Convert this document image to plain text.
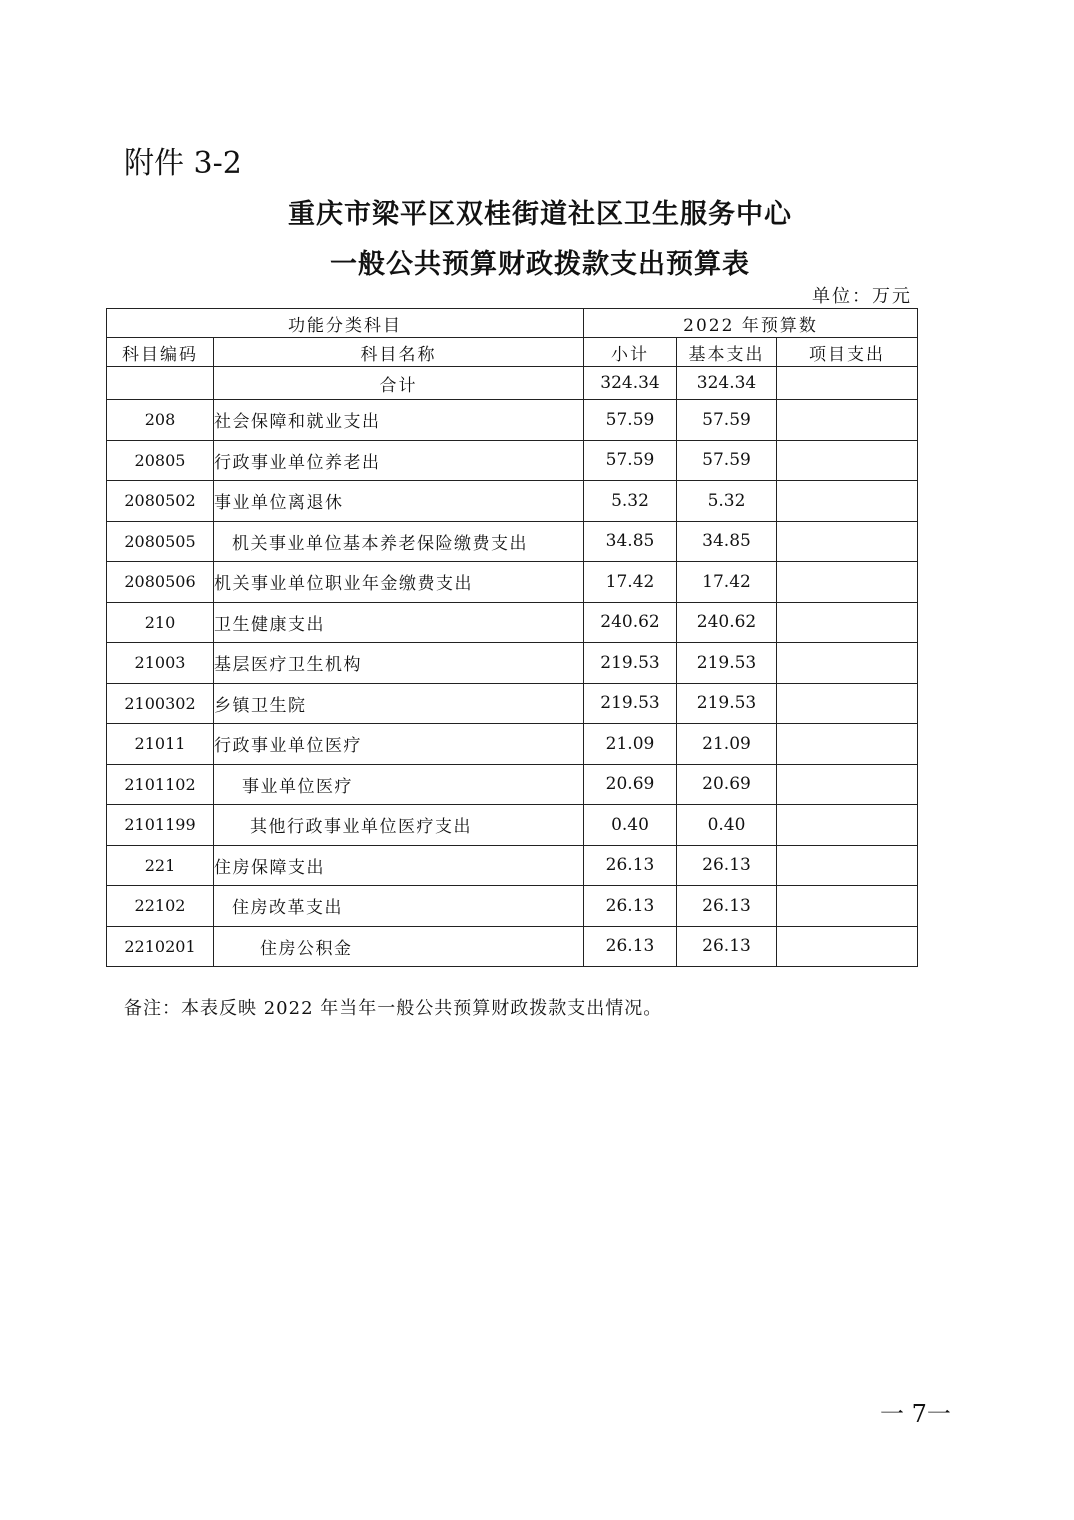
附件 3-2
重庆市梁平区双桂街道社区卫生服务中心
一般公共预算财政拨款支出预算表
单位：万元
功能分类科目		2022 年预算数		
科目编码	科目名称	小计	基本支出	项目支出
	合计	324.34	324.34	
208	社会保障和就业支出	57.59	57.59	
20805	行政事业单位养老出	57.59	57.59	
2080502	事业单位离退休	5.32	5.32	
2080505	机关事业单位基本养老保险缴费支出	34.85	34.85	
2080506	机关事业单位职业年金缴费支出	17.42	17.42	
210	卫生健康支出	240.62	240.62	
21003	基层医疗卫生机构	219.53	219.53	
2100302	乡镇卫生院	219.53	219.53	
21011	行政事业单位医疗	21.09	21.09	
2101102	事业单位医疗	20.69	20.69	
2101199	其他行政事业单位医疗支出	0.40	0.40	
221	住房保障支出	26.13	26.13	
22102	住房改革支出	26.13	26.13	
2210201	住房公积金	26.13	26.13	
备注：本表反映 2022 年当年一般公共预算财政拨款支出情况。
一 7一
